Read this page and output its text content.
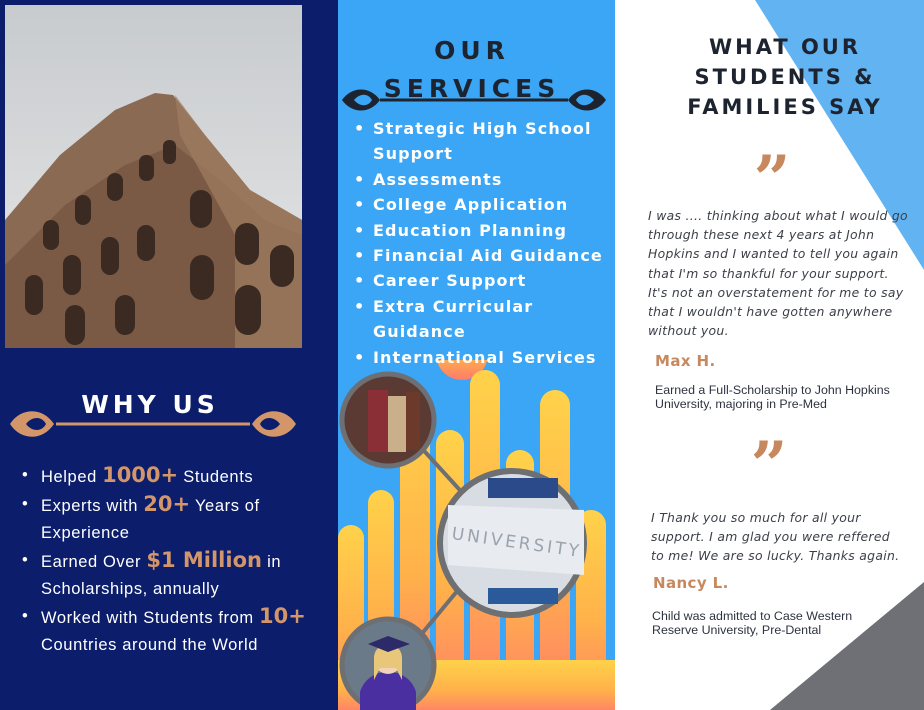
WHY US
• Helped 1000+ Students
• Experts with 20+ Years of Experience
• Earned Over $1 Million in Scholarships, annually
• Worked with Students from 10+ Countries around the World
UNIVERSITY
OUR
SERVICES
• Strategic High School Support
• Assessments
• College Application
• Education Planning
• Financial Aid Guidance
• Career Support
• Extra Curricular Guidance
• International Services
WHAT OUR
STUDENTS &
FAMILIES SAY
”

I was .... thinking about what I would go through these next 4 years at John Hopkins and I wanted to tell you again that I'm so thankful for your support. It's not an overstatement for me to say that I wouldn't have gotten anywhere without you.

Max H.

Earned a Full-Scholarship to John Hopkins University, majoring in Pre-Med

”

I Thank you so much for all your support. I am glad you were reffered to me! We are so lucky. Thanks again.

Nancy L.

Child was admitted to Case Western Reserve University, Pre-Dental
